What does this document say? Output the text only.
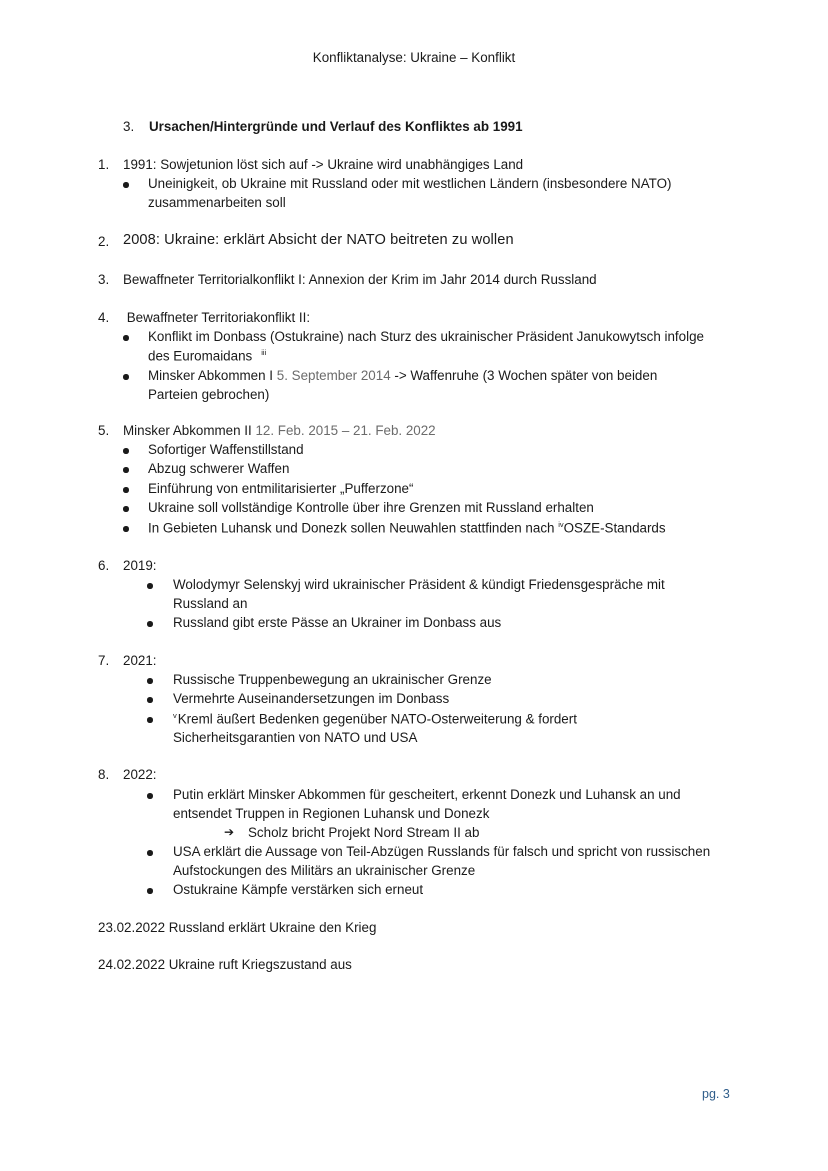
Konfliktanalyse: Ukraine – Konflikt
3. Ursachen/Hintergründe und Verlauf des Konfliktes ab 1991
1. 1991: Sowjetunion löst sich auf -> Ukraine wird unabhängiges Land
Uneinigkeit, ob Ukraine mit Russland oder mit westlichen Ländern (insbesondere NATO)
zusammenarbeiten soll
2. 2008: Ukraine: erklärt Absicht der NATO beitreten zu wollen
3. Bewaffneter Territorialkonflikt I: Annexion der Krim im Jahr 2014 durch Russland
4. Bewaffneter Territoriakonflikt II:
Konflikt im Donbass (Ostukraine) nach Sturz des ukrainischer Präsident Janukowytsch infolge
des Euromaidans $^{iii}$
Minsker Abkommen I 5. September 2014 -> Waffenruhe (3 Wochen später von beiden
Parteien gebrochen)
5. Minsker Abkommen II 12. Feb. 2015 – 21. Feb. 2022
Sofortiger Waffenstillstand
Abzug schwerer Waffen
Einführung von entmilitarisierter „Pufferzone“
Ukraine soll vollständige Kontrolle über ihre Grenzen mit Russland erhalten
In Gebieten Luhansk und Donezk sollen Neuwahlen stattfinden nach $^{iv}$OSZE-Standards
6. 2019:
Wolodymyr Selenskyj wird ukrainischer Präsident & kündigt Friedensgespräche mit
Russland an
Russland gibt erste Pässe an Ukrainer im Donbass aus
7. 2021:
Russische Truppenbewegung an ukrainischer Grenze
Vermehrte Auseinandersetzungen im Donbass
$^v$Kreml äußert Bedenken gegenüber NATO-Osterweiterung & fordert
Sicherheitsgarantien von NATO und USA
8. 2022:
Putin erklärt Minsker Abkommen für gescheitert, erkennt Donezk und Luhansk an und
entsendet Truppen in Regionen Luhansk und Donezk
➔ Scholz bricht Projekt Nord Stream II ab
USA erklärt die Aussage von Teil-Abzügen Russlands für falsch und spricht von russischen
Aufstockungen des Militärs an ukrainischer Grenze
Ostukraine Kämpfe verstärken sich erneut
23.02.2022 Russland erklärt Ukraine den Krieg
24.02.2022 Ukraine ruft Kriegszustand aus
pg. 3
